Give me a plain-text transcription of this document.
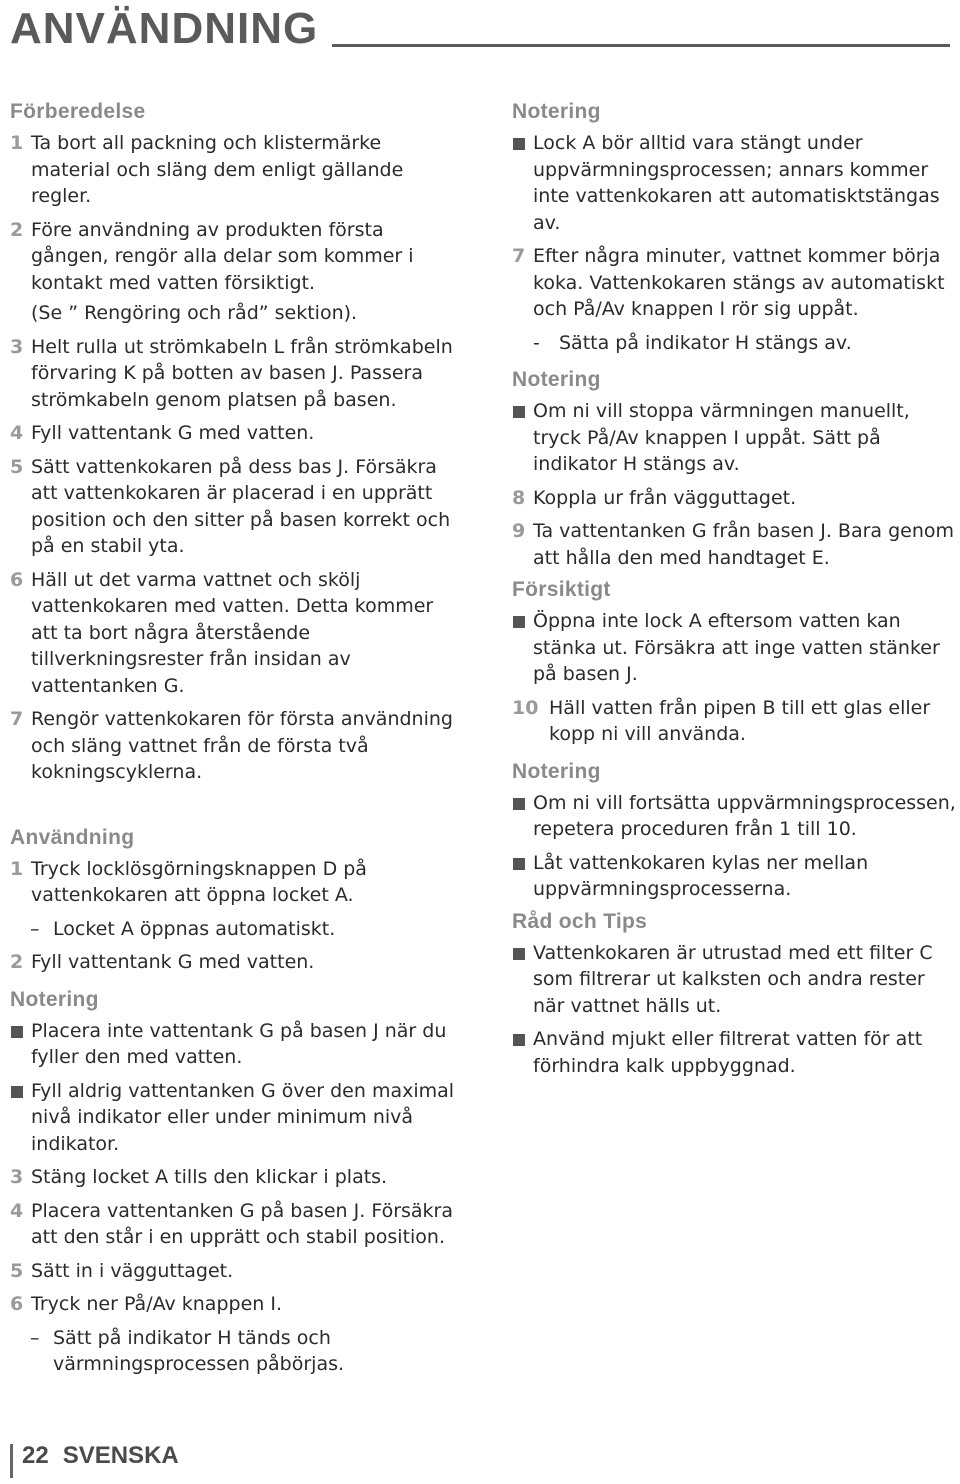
ANVÄNDNING
Förberedelse
1 Ta bort all packning och klistermärke material och släng dem enligt gällande regler.
2 Före användning av produkten första gången, rengör alla delar som kommer i kontakt med vatten försiktigt.
(Se ” Rengöring och råd” sektion).
3 Helt rulla ut strömkabeln L från strömkabeln förvaring K på botten av basen J. Passera strömkabeln genom platsen på basen.
4 Fyll vattentank G med vatten.
5 Sätt vattenkokaren på dess bas J. Försäkra att vattenkokaren är placerad i en upprätt position och den sitter på basen korrekt och på en stabil yta.
6 Häll ut det varma vattnet och skölj vattenkokaren med vatten. Detta kommer att ta bort några återstående tillverkningsrester från insidan av vattentanken G.
7 Rengör vattenkokaren för första användning och släng vattnet från de första två kokningscyklerna.
Användning
1 Tryck locklösgörningsknappen D på vattenkokaren att öppna locket A.
– Locket A öppnas automatiskt.
2 Fyll vattentank G med vatten.
Notering
Placera inte vattentank G på basen J när du fyller den med vatten.
Fyll aldrig vattentanken G över den maximal nivå indikator eller under minimum nivå indikator.
3 Stäng locket A tills den klickar i plats.
4 Placera vattentanken G på basen J. Försäkra att den står i en upprätt och stabil position.
5 Sätt in i vägguttaget.
6 Tryck ner På/Av knappen I.
– Sätt på indikator H tänds och värmningsprocessen påbörjas.
Notering
Lock A bör alltid vara stängt under uppvärmningsprocessen; annars kommer inte vattenkokaren att automatisktstängas av.
7 Efter några minuter, vattnet kommer börja koka. Vattenkokaren stängs av automatiskt och På/Av knappen I rör sig uppåt.
-	Sätta på indikator H stängs av.
Notering
Om ni vill stoppa värmningen manuellt, tryck På/Av knappen I uppåt. Sätt på indikator H stängs av.
8 Koppla ur från vägguttaget.
9 Ta vattentanken G från basen J. Bara genom att hålla den med handtaget E.
Försiktigt
Öppna inte lock A eftersom vatten kan stänka ut. Försäkra att inge vatten stänker på basen J.
10 Häll vatten från pipen B till ett glas eller kopp ni vill använda.
Notering
Om ni vill fortsätta uppvärmningsprocessen, repetera proceduren från 1 till 10.
Låt vattenkokaren kylas ner mellan uppvärmningsprocesserna.
Råd och Tips
Vattenkokaren är utrustad med ett filter C som filtrerar ut kalksten och andra rester när vattnet hälls ut.
Använd mjukt eller filtrerat vatten för att förhindra kalk uppbyggnad.
22 SVENSKA
